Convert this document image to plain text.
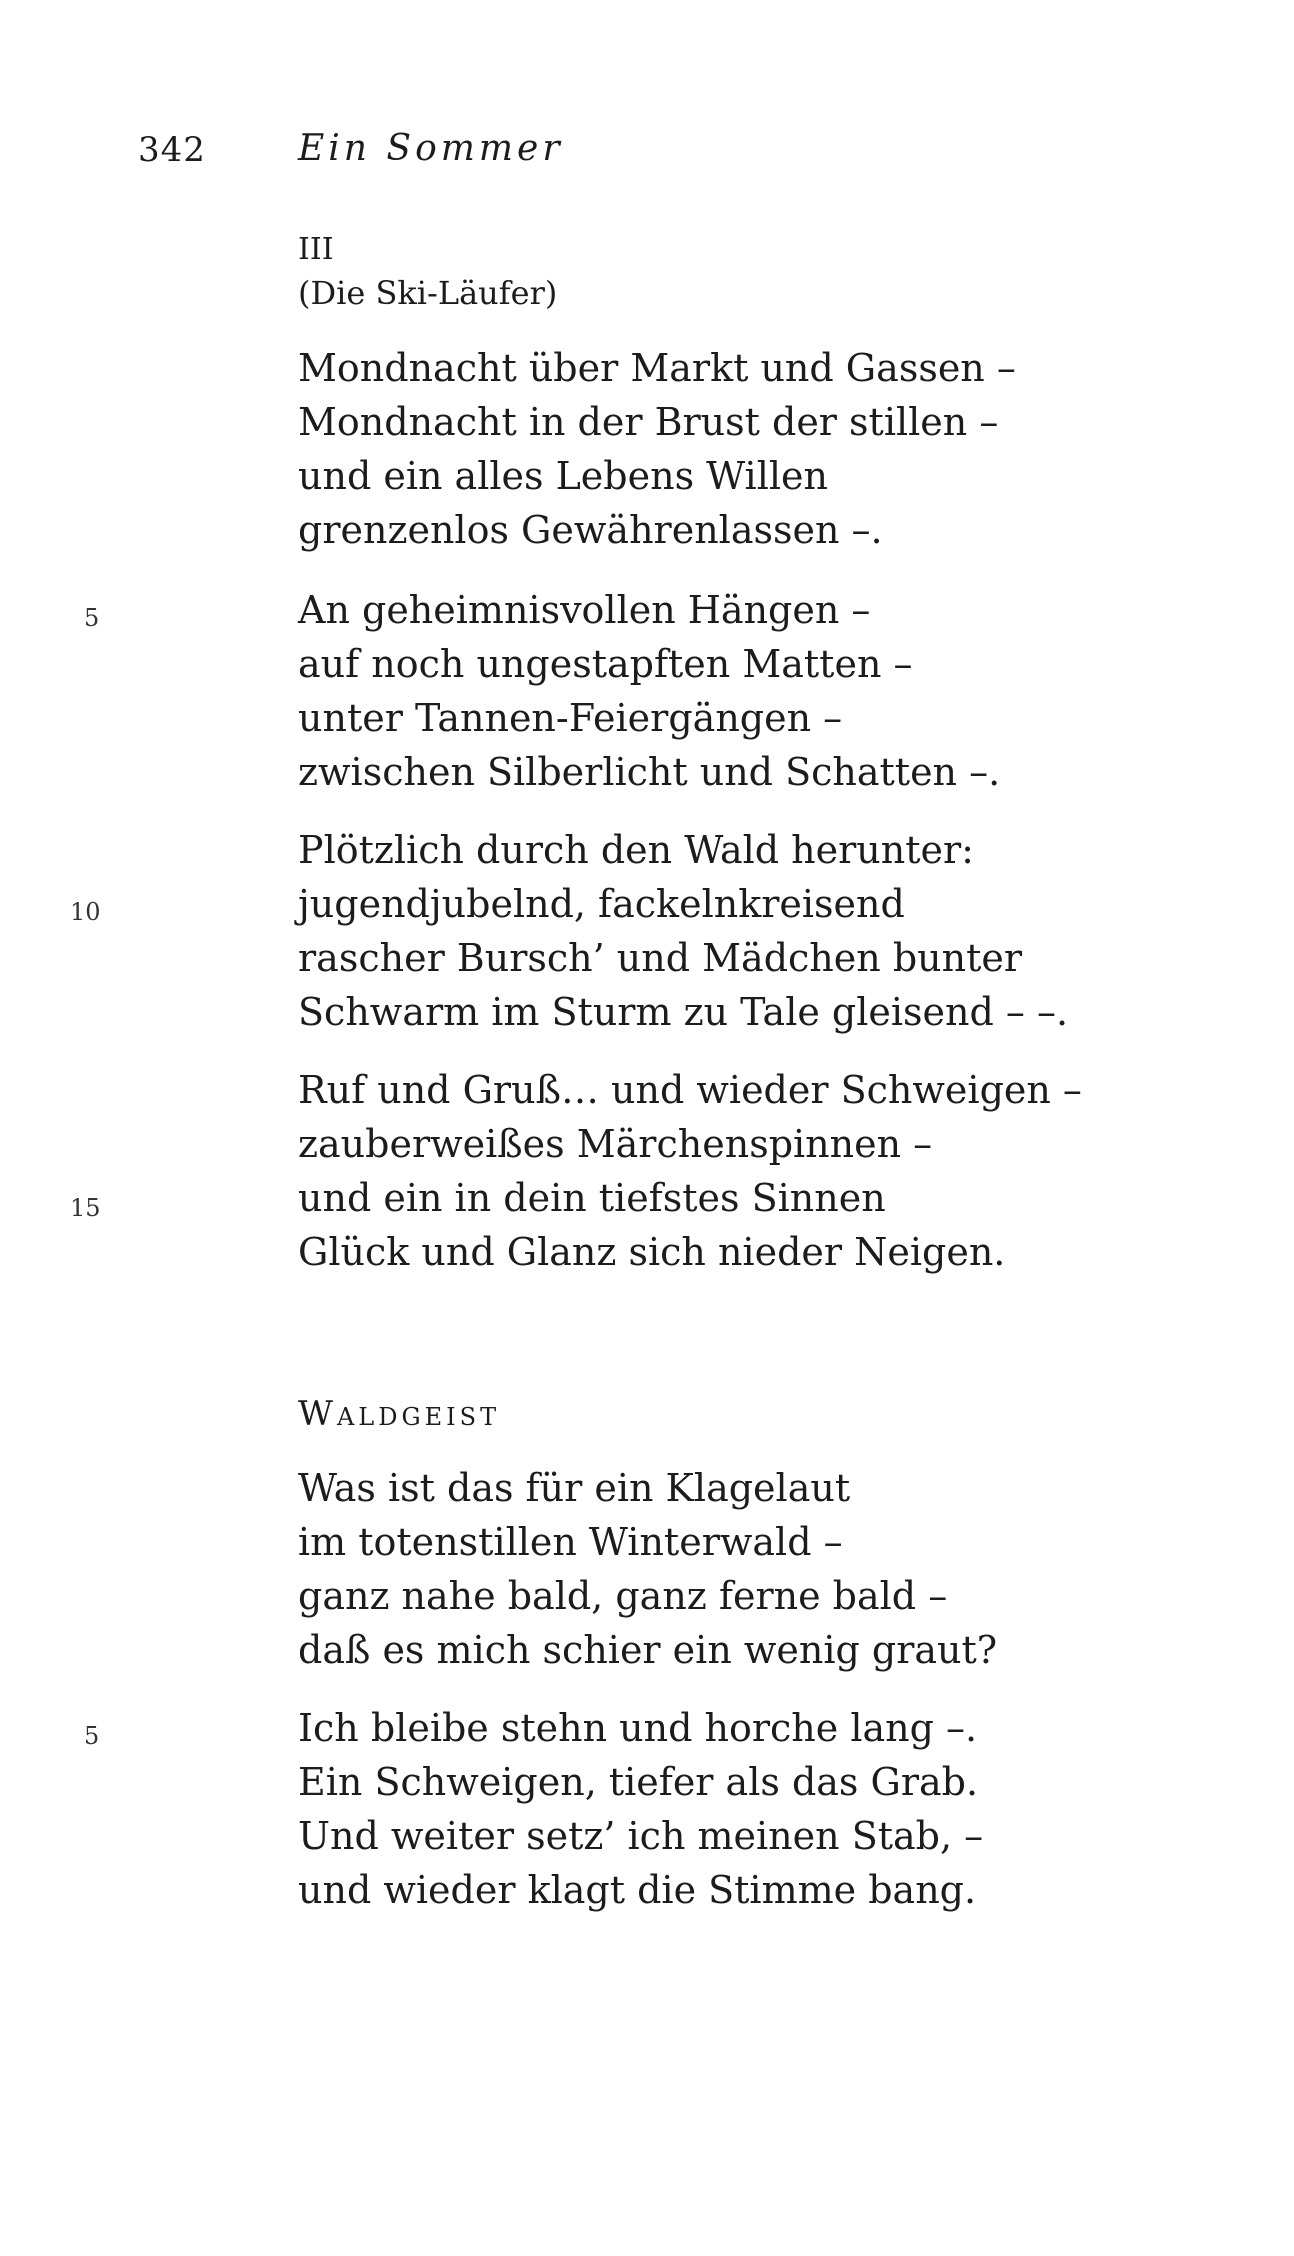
342	Ein Sommer
III
(Die Ski-Läufer)
Mondnacht über Markt und Gassen –
Mondnacht in der Brust der stillen –
und ein alles Lebens Willen
grenzenlos Gewährenlassen –.
5	An geheimnisvollen Hängen –
auf noch ungestapften Matten –
unter Tannen-Feiergängen –
zwischen Silberlicht und Schatten –.
Plötzlich durch den Wald herunter:
10	jugendjubelnd, fackelnkreisend
rascher Bursch’ und Mädchen bunter
Schwarm im Sturm zu Tale gleisend – –.
Ruf und Gruß… und wieder Schweigen –
zauberweißes Märchenspinnen –
15	und ein in dein tiefstes Sinnen
Glück und Glanz sich nieder Neigen.
Waldgeist
Was ist das für ein Klagelaut
im totenstillen Winterwald –
ganz nahe bald, ganz ferne bald –
daß es mich schier ein wenig graut?
5	Ich bleibe stehn und horche lang –.
Ein Schweigen, tiefer als das Grab.
Und weiter setz’ ich meinen Stab, –
und wieder klagt die Stimme bang.
